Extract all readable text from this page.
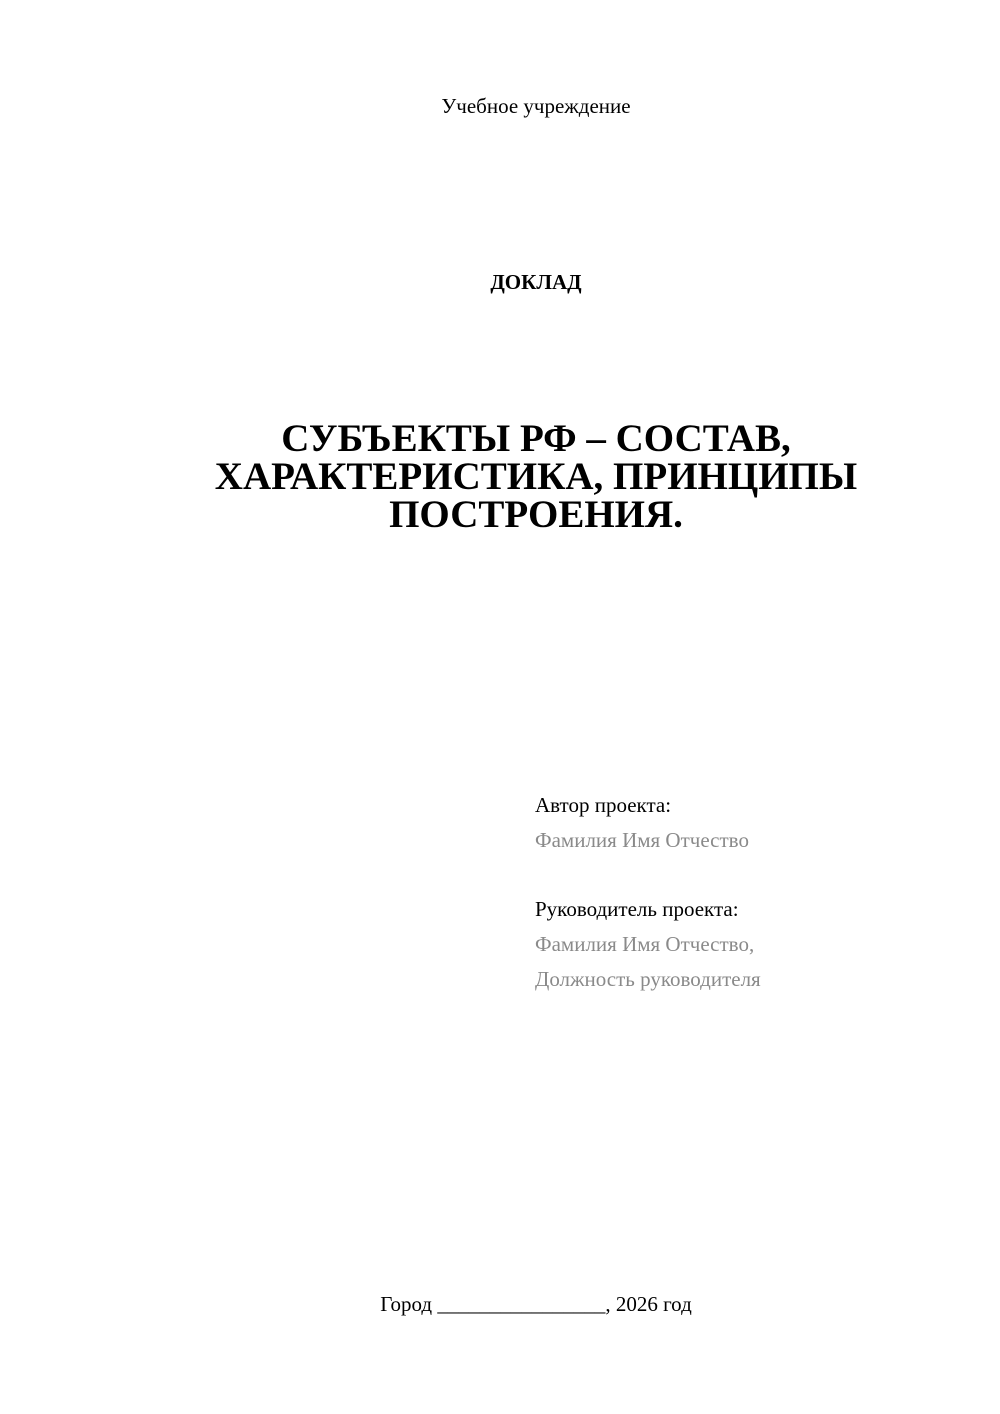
Учебное учреждение
ДОКЛАД
СУБЪЕКТЫ РФ – СОСТАВ,
ХАРАКТЕРИСТИКА, ПРИНЦИПЫ
ПОСТРОЕНИЯ.
Автор проекта:
Фамилия Имя Отчество
Руководитель проекта:
Фамилия Имя Отчество,
Должность руководителя
Город ________________, 2026 год
